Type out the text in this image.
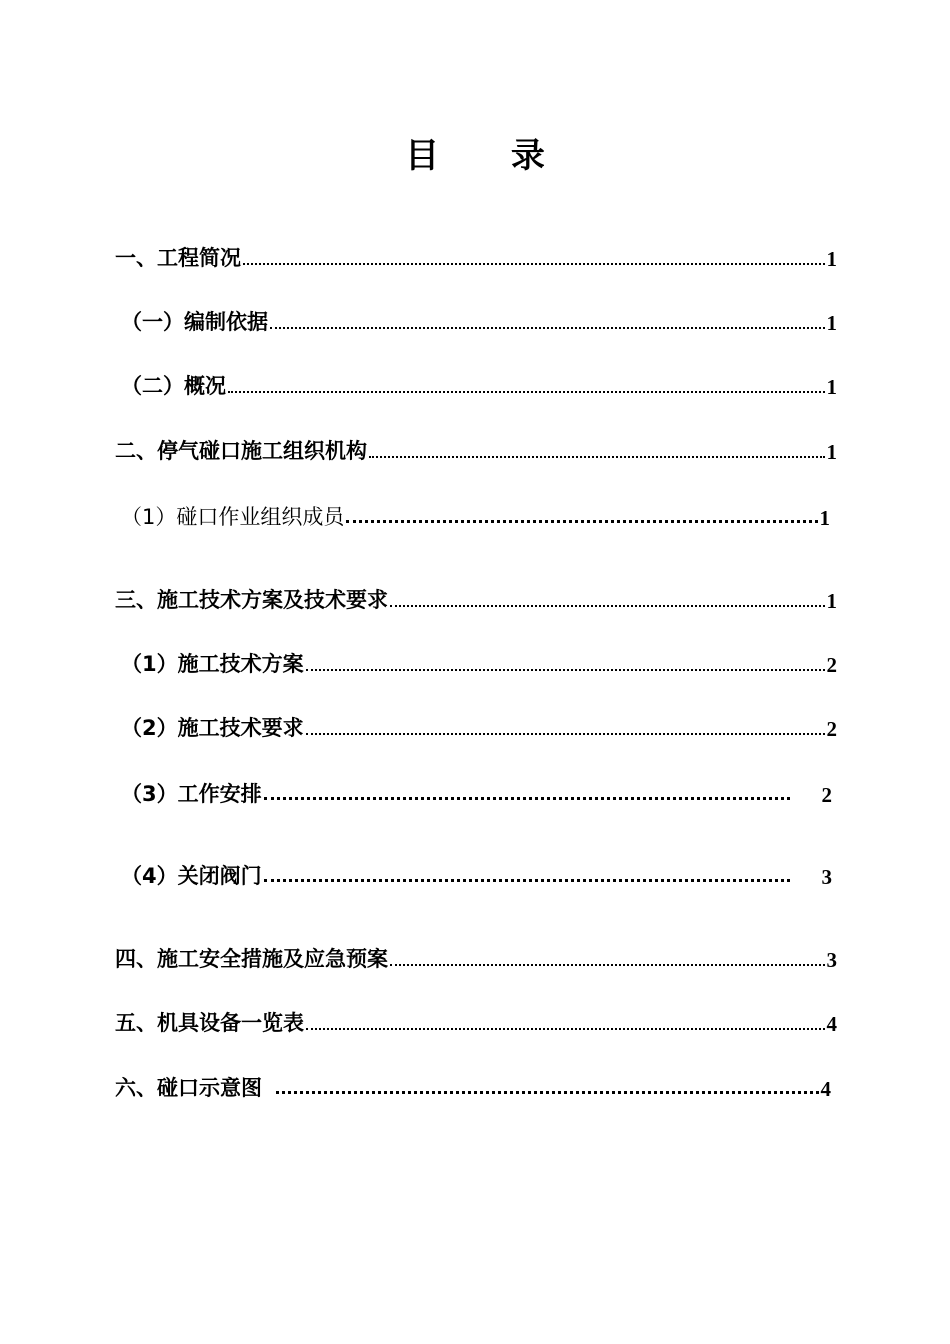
目 录
一、工程简况	1
（一）编制依据	1
（二）概况	1
二、停气碰口施工组织机构	1
（1）碰口作业组织成员	1
三、施工技术方案及技术要求	1
（1）施工技术方案	2
（2）施工技术要求	2
（3）工作安排	2
（4）关闭阀门	3
四、施工安全措施及应急预案	3
五、机具设备一览表	4
六、碰口示意图	4
